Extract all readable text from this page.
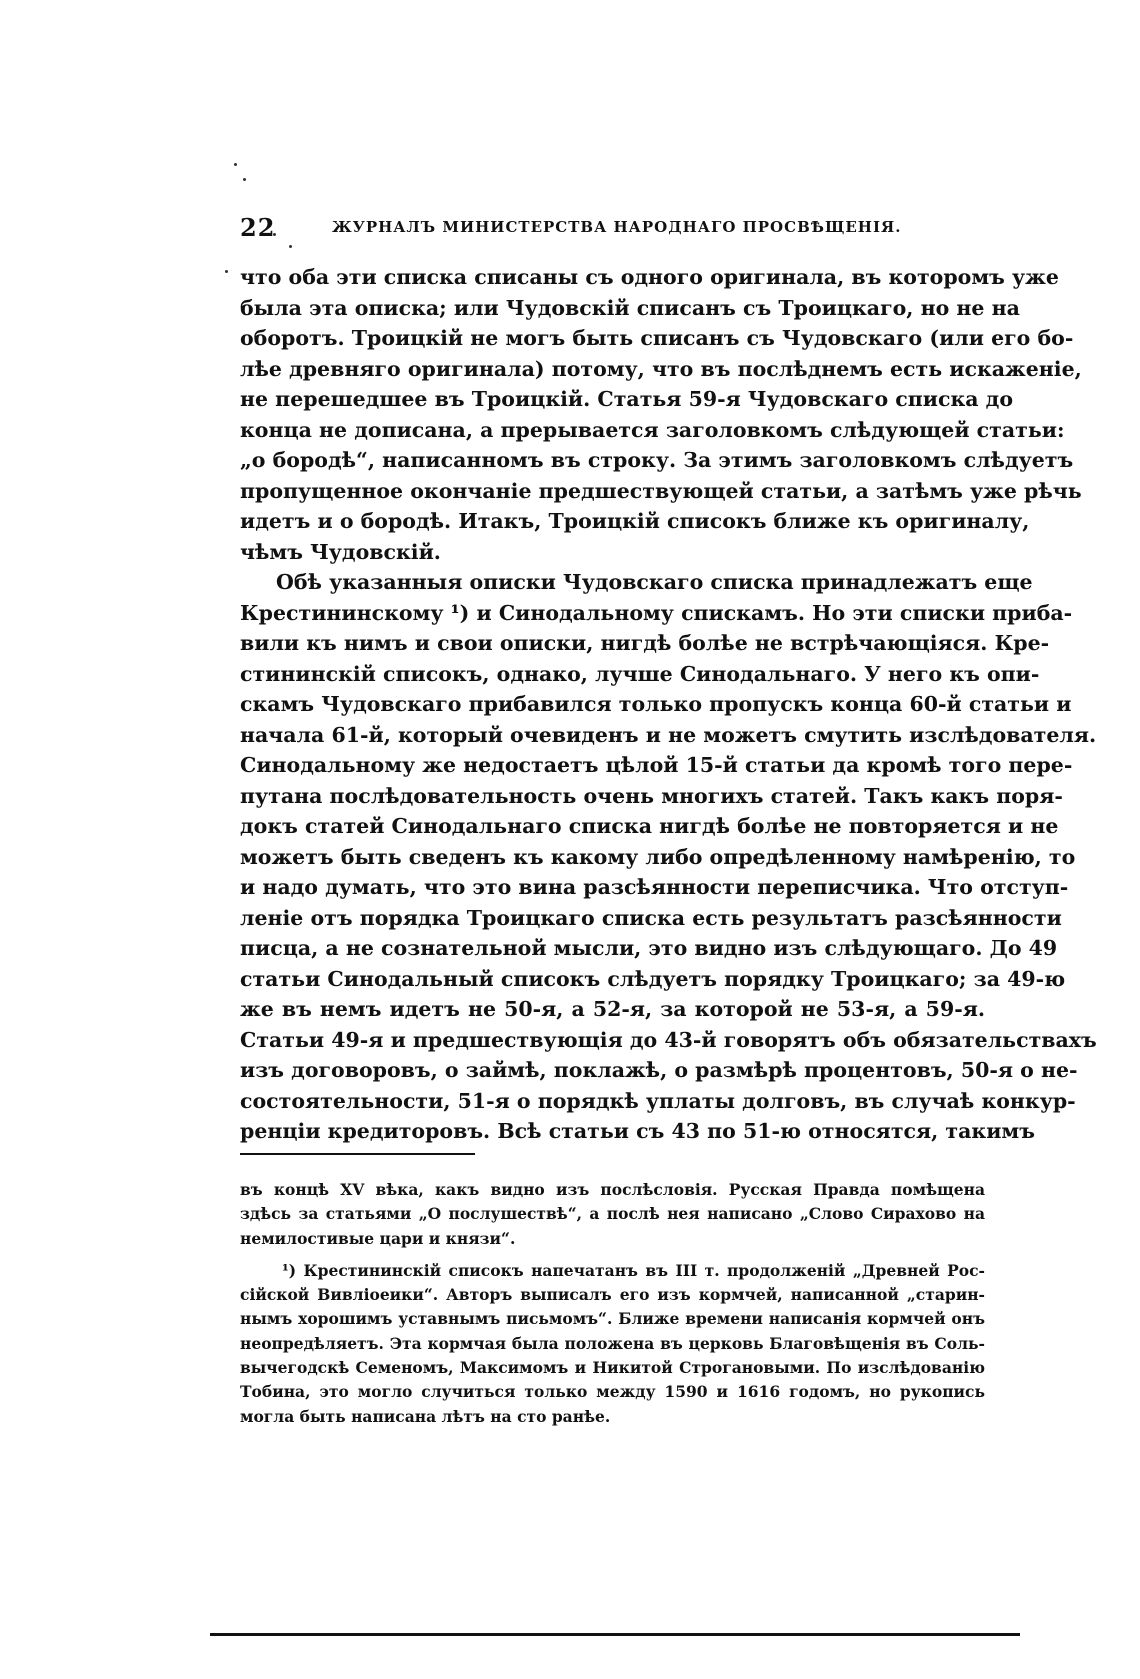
22	ЖУРНАЛЪ МИНИСТЕРСТВА НАРОДНАГО ПРОСВѢЩЕНІЯ.
что оба эти списка списаны съ одного оригинала, въ которомъ уже
была эта описка; или Чудовскій списанъ съ Троицкаго, но не на
оборотъ. Троицкій не могъ быть списанъ съ Чудовскаго (или его бо-
лѣе древняго оригинала) потому, что въ послѣднемъ есть искаженіе,
не перешедшее въ Троицкій. Статья 59-я Чудовскаго списка до
конца не дописана, а прерывается заголовкомъ слѣдующей статьи:
„о бородѣ“, написанномъ въ строку. За этимъ заголовкомъ слѣдуетъ
пропущенное окончаніе предшествующей статьи, а затѣмъ уже рѣчь
идетъ и о бородѣ. Итакъ, Троицкій списокъ ближе къ оригиналу,
чѣмъ Чудовскій.
Обѣ указанныя описки Чудовскаго списка принадлежатъ еще
Крестининскому ¹) и Синодальному спискамъ. Но эти списки приба-
вили къ нимъ и свои описки, нигдѣ болѣе не встрѣчающіяся. Кре-
стининскій списокъ, однако, лучше Синодальнаго. У него къ опи-
скамъ Чудовскаго прибавился только пропускъ конца 60-й статьи и
начала 61-й, который очевиденъ и не можетъ смутить изслѣдователя.
Синодальному же недостаетъ цѣлой 15-й статьи да кромѣ того пере-
путана послѣдовательность очень многихъ статей. Такъ какъ поря-
докъ статей Синодальнаго списка нигдѣ болѣе не повторяется и не
можетъ быть сведенъ къ какому либо опредѣленному намѣренію, то
и надо думать, что это вина разсѣянности переписчика. Что отступ-
леніе отъ порядка Троицкаго списка есть результатъ разсѣянности
писца, а не сознательной мысли, это видно изъ слѣдующаго. До 49
статьи Синодальный списокъ слѣдуетъ порядку Троицкаго; за 49-ю
же въ немъ идетъ не 50-я, а 52-я, за которой не 53-я, а 59-я.
Статьи 49-я и предшествующія до 43-й говорятъ объ обязательствахъ
изъ договоровъ, о займѣ, поклажѣ, о размѣрѣ процентовъ, 50-я о не-
состоятельности, 51-я о порядкѣ уплаты долговъ, въ случаѣ конкур-
ренціи кредиторовъ. Всѣ статьи съ 43 по 51-ю относятся, такимъ
въ концѣ XV вѣка, какъ видно изъ послѣсловія. Русская Правда помѣщена
здѣсь за статьями „О послушествѣ“, а послѣ нея написано „Слово Сирахово на
немилостивые цари и князи“.
¹) Крестининскій списокъ напечатанъ въ III т. продолженій „Древней Рос-
сійской Вивліоеики“. Авторъ выписалъ его изъ кормчей, написанной „старин-
нымъ хорошимъ уставнымъ письмомъ“. Ближе времени написанія кормчей онъ
неопредѣляетъ. Эта кормчая была положена въ церковь Благовѣщенія въ Соль-
вычегодскѣ Семеномъ, Максимомъ и Никитой Строгановыми. По изслѣдованію
Тобина, это могло случиться только между 1590 и 1616 годомъ, но рукопись
могла быть написана лѣтъ на сто ранѣе.
